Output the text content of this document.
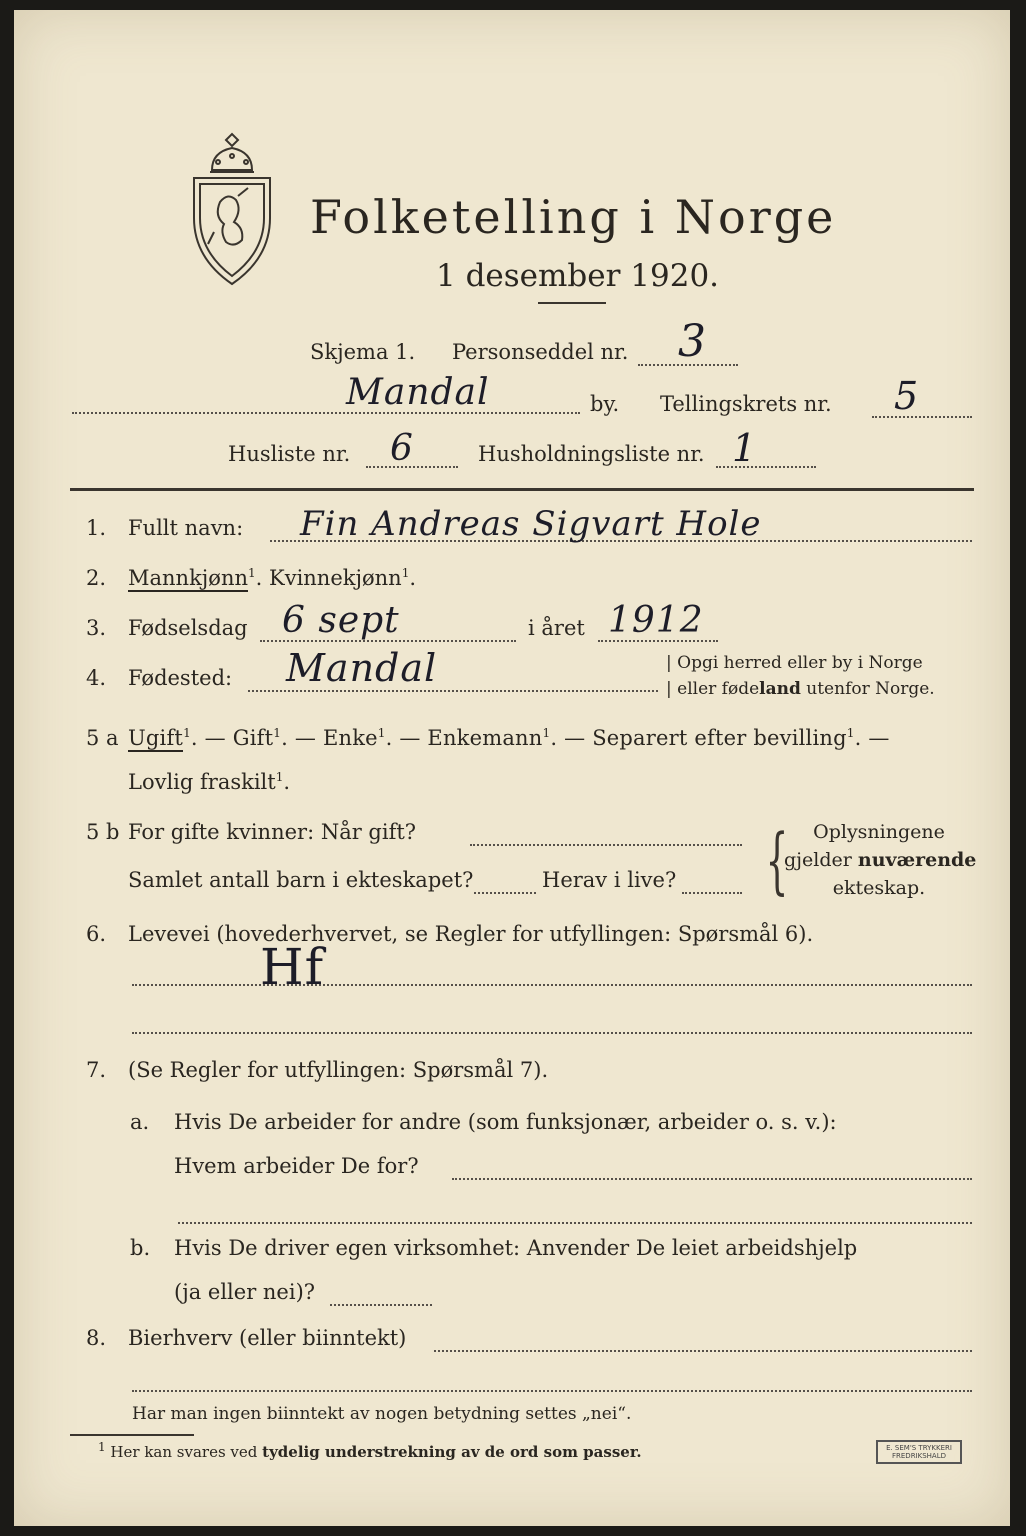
Folketelling i Norge
1 desember 1920.
Skjema 1. Personseddel nr. 3
Mandal	by. Tellingskrets nr. 5
Husliste nr. 6	Husholdningsliste nr. 1
1. Fullt navn: Fin Andreas Sigvart Hole
2. Mannkjønn$^1$. Kvinnekjønn$^1$.
3. Fødselsdag 6 sept	i året 1912
4. Fødested: Mandal	| Opgi herred eller by i Norge
| eller fødeland utenfor Norge.
5 a Ugift$^1$. — Gift$^1$. — Enke$^1$. — Enkemann$^1$. — Separert efter bevilling$^1$. —
Lovlig fraskilt$^1$.
5 b For gifte kvinner: Når gift?
Samlet antall barn i ekteskapet?	Herav i live? {	Oplysningene
gjelder nuværende
ekteskap.
6. Levevei (hovederhvervet, se Regler for utfyllingen: Spørsmål 6).
Hf
7. (Se Regler for utfyllingen: Spørsmål 7).
a. Hvis De arbeider for andre (som funksjonær, arbeider o. s. v.):
Hvem arbeider De for?
b. Hvis De driver egen virksomhet: Anvender De leiet arbeidshjelp
(ja eller nei)?
8. Bierhverv (eller biinntekt)
Har man ingen biinntekt av nogen betydning settes „nei“.
$^1$ Her kan svares ved tydelig understrekning av de ord som passer.	E. SEM'S TRYKKERI
FREDRIKSHALD
